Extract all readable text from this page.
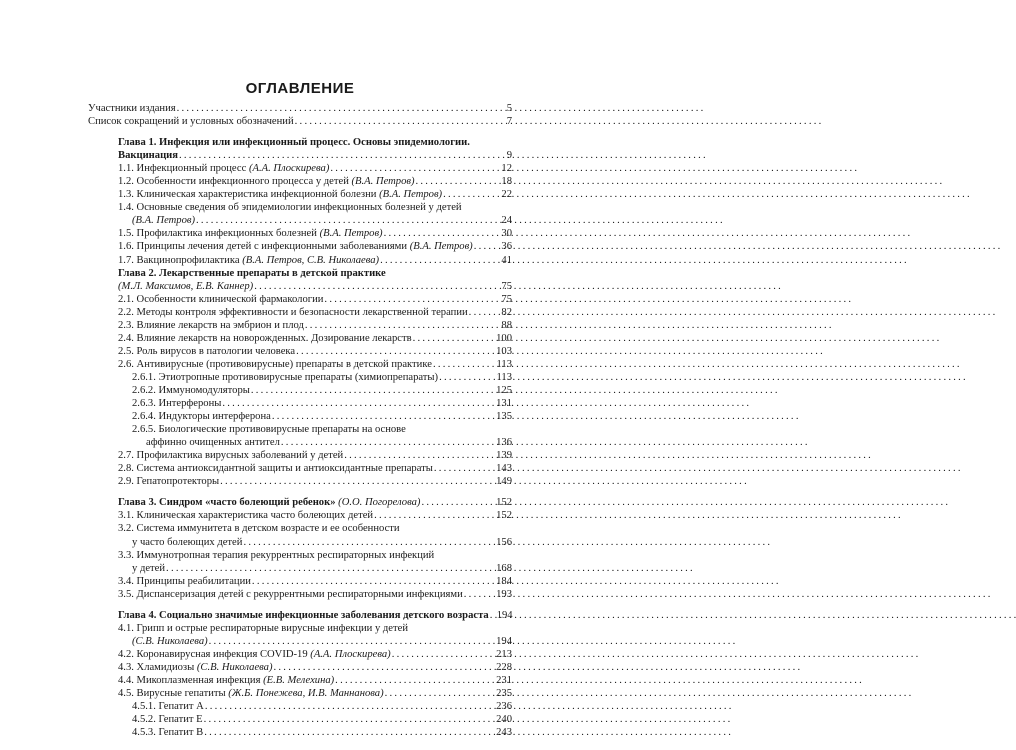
ОГЛАВЛЕНИЕ
Участники издания . . .	5
Список сокращений и условных обозначений . . .	7
Глава 1. Инфекция или инфекционный процесс. Основы эпидемиологии.
Вакцинация . . .	9
1.1. Инфекционный процесс (А.А. Плоскирева) . . .	12
1.2. Особенности инфекционного процесса у детей (В.А. Петров) . . .	18
1.3. Клиническая характеристика инфекционной болезни (В.А. Петров) . . .	22
1.4. Основные сведения об эпидемиологии инфекционных болезней у детей
(В.А. Петров) . . .	24
1.5. Профилактика инфекционных болезней (В.А. Петров) . . .	30
1.6. Принципы лечения детей с инфекционными заболеваниями (В.А. Петров) . . .	36
1.7. Вакцинопрофилактика (В.А. Петров, С.В. Николаева) . . .	41
Глава 2. Лекарственные препараты в детской практике
(М.Л. Максимов, Е.В. Каннер) . . .	75
2.1. Особенности клинической фармакологии . . .	75
2.2. Методы контроля эффективности и безопасности лекарственной терапии . . .	82
2.3. Влияние лекарств на эмбрион и плод . . .	88
2.4. Влияние лекарств на новорожденных. Дозирование лекарств . . .	100
2.5. Роль вирусов в патологии человека . . .	103
2.6. Антивирусные (противовирусные) препараты в детской практике . . .	113
2.6.1. Этиотропные противовирусные препараты (химиопрепараты) . . .	113
2.6.2. Иммуномодуляторы . . .	125
2.6.3. Интерфероны . . .	131
2.6.4. Индукторы интерферона . . .	135
2.6.5. Биологические противовирусные препараты на основе
аффинно очищенных антител . . .	136
2.7. Профилактика вирусных заболеваний у детей . . .	139
2.8. Система антиоксидантной защиты и антиоксидантные препараты . . .	143
2.9. Гепатопротекторы . . .	149
Глава 3. Синдром «часто болеющий ребенок» (О.О. Погорелова) . . .	152
3.1. Клиническая характеристика часто болеющих детей . . .	152
3.2. Система иммунитета в детском возрасте и ее особенности
у часто болеющих детей . . .	156
3.3. Иммунотропная терапия рекуррентных респираторных инфекций
у детей . . .	168
3.4. Принципы реабилитации . . .	184
3.5. Диспансеризация детей с рекуррентными респираторными инфекциями . . .	193
Глава 4. Социально значимые инфекционные заболевания детского возраста . . . 194
4.1. Грипп и острые респираторные вирусные инфекции у детей
(С.В. Николаева) . . .	194
4.2. Коронавирусная инфекция COVID-19 (А.А. Плоскирева) . . .	213
4.3. Хламидиозы (С.В. Николаева) . . .	228
4.4. Микоплазменная инфекция (Е.В. Мелехина) . . .	231
4.5. Вирусные гепатиты (Ж.Б. Понежева, И.В. Маннанова) . . .	235
4.5.1. Гепатит А . . .	236
4.5.2. Гепатит Е . . .	240
4.5.3. Гепатит В . . .	243
